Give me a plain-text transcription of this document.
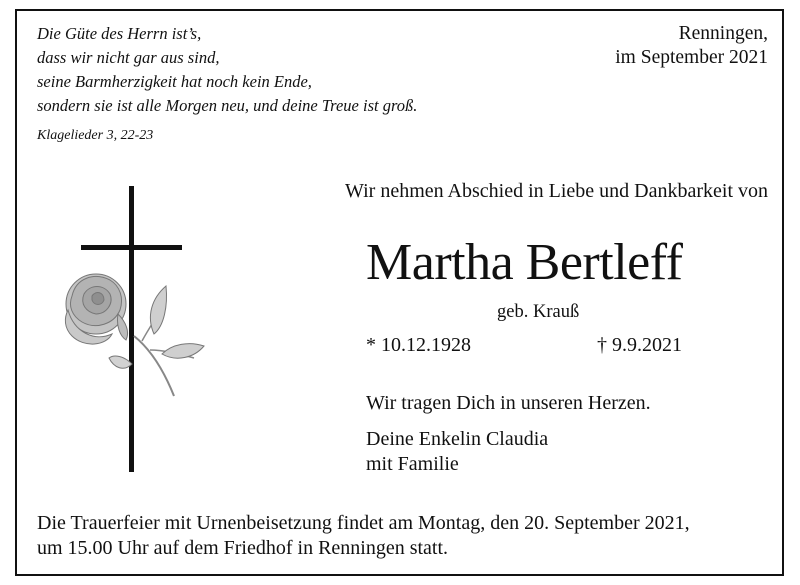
Die Güte des Herrn ist’s,
dass wir nicht gar aus sind,
seine Barmherzigkeit hat noch kein Ende,
sondern sie ist alle Morgen neu, und deine Treue ist groß.
Klagelieder 3, 22-23
Renningen,
im September 2021
Wir nehmen Abschied in Liebe und Dankbarkeit von
Martha Bertleff
geb. Krauß
* 10.12.1928	† 9.9.2021
Wir tragen Dich in unseren Herzen.
Deine Enkelin Claudia
mit Familie
Die Trauerfeier mit Urnenbeisetzung findet am Montag, den 20. September 2021,
um 15.00 Uhr auf dem Friedhof in Renningen statt.
